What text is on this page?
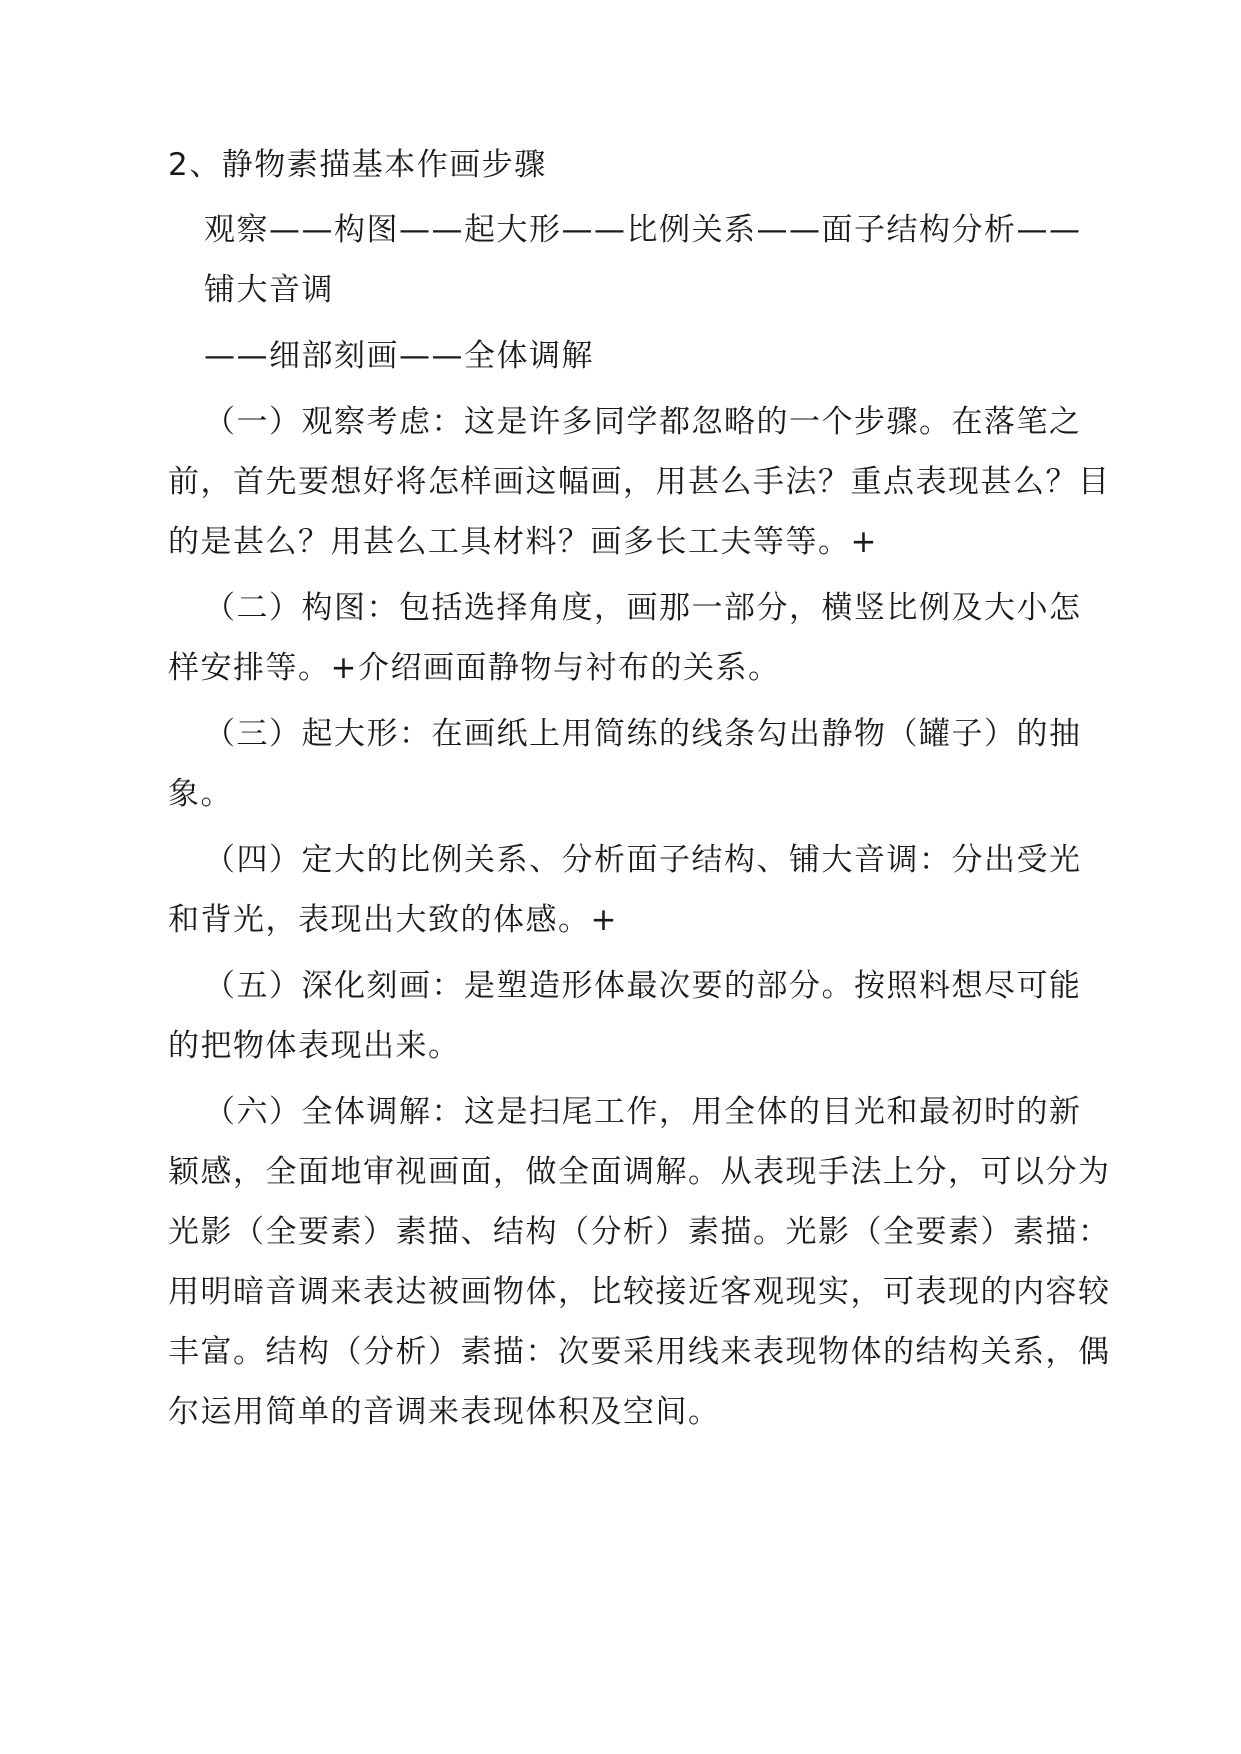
2、静物素描基本作画步骤
观察——构图——起大形——比例关系——面子结构分析——
铺大音调
——细部刻画——全体调解
（一）观察考虑：这是许多同学都忽略的一个步骤。在落笔之
前，首先要想好将怎样画这幅画，用甚么手法？重点表现甚么？目
的是甚么？用甚么工具材料？画多长工夫等等。+
（二）构图：包括选择角度，画那一部分，横竖比例及大小怎
样安排等。+介绍画面静物与衬布的关系。
（三）起大形：在画纸上用简练的线条勾出静物（罐子）的抽
象。
（四）定大的比例关系、分析面子结构、铺大音调：分出受光
和背光，表现出大致的体感。+
（五）深化刻画：是塑造形体最次要的部分。按照料想尽可能
的把物体表现出来。
（六）全体调解：这是扫尾工作，用全体的目光和最初时的新
颖感，全面地审视画面，做全面调解。从表现手法上分，可以分为
光影（全要素）素描、结构（分析）素描。光影（全要素）素描：
用明暗音调来表达被画物体，比较接近客观现实，可表现的内容较
丰富。结构（分析）素描：次要采用线来表现物体的结构关系，偶
尔运用简单的音调来表现体积及空间。
